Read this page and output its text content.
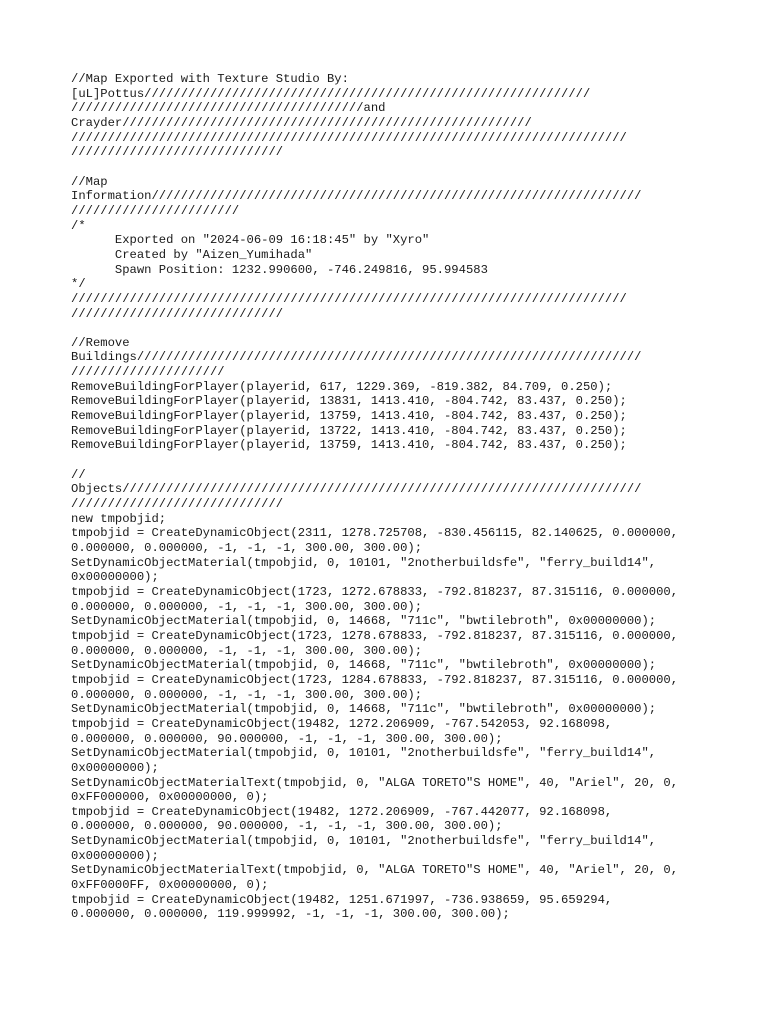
//Map Exported with Texture Studio By:
[uL]Pottus/////////////////////////////////////////////////////////////
////////////////////////////////////////and
Crayder////////////////////////////////////////////////////////
////////////////////////////////////////////////////////////////////////////
/////////////////////////////
//Map
Information///////////////////////////////////////////////////////////////////
///////////////////////
/*
Exported on "2024-06-09 16:18:45" by "Xyro"
Created by "Aizen_Yumihada"
Spawn Position: 1232.990600, -746.249816, 95.994583
*/
////////////////////////////////////////////////////////////////////////////
/////////////////////////////
//Remove
Buildings/////////////////////////////////////////////////////////////////////
/////////////////////
RemoveBuildingForPlayer(playerid, 617, 1229.369, -819.382, 84.709, 0.250);
RemoveBuildingForPlayer(playerid, 13831, 1413.410, -804.742, 83.437, 0.250);
RemoveBuildingForPlayer(playerid, 13759, 1413.410, -804.742, 83.437, 0.250);
RemoveBuildingForPlayer(playerid, 13722, 1413.410, -804.742, 83.437, 0.250);
RemoveBuildingForPlayer(playerid, 13759, 1413.410, -804.742, 83.437, 0.250);
//
Objects///////////////////////////////////////////////////////////////////////
/////////////////////////////
new tmpobjid;
tmpobjid = CreateDynamicObject(2311, 1278.725708, -830.456115, 82.140625, 0.000000,
0.000000, 0.000000, -1, -1, -1, 300.00, 300.00);
SetDynamicObjectMaterial(tmpobjid, 0, 10101, "2notherbuildsfe", "ferry_build14",
0x00000000);
tmpobjid = CreateDynamicObject(1723, 1272.678833, -792.818237, 87.315116, 0.000000,
0.000000, 0.000000, -1, -1, -1, 300.00, 300.00);
SetDynamicObjectMaterial(tmpobjid, 0, 14668, "711c", "bwtilebroth", 0x00000000);
tmpobjid = CreateDynamicObject(1723, 1278.678833, -792.818237, 87.315116, 0.000000,
0.000000, 0.000000, -1, -1, -1, 300.00, 300.00);
SetDynamicObjectMaterial(tmpobjid, 0, 14668, "711c", "bwtilebroth", 0x00000000);
tmpobjid = CreateDynamicObject(1723, 1284.678833, -792.818237, 87.315116, 0.000000,
0.000000, 0.000000, -1, -1, -1, 300.00, 300.00);
SetDynamicObjectMaterial(tmpobjid, 0, 14668, "711c", "bwtilebroth", 0x00000000);
tmpobjid = CreateDynamicObject(19482, 1272.206909, -767.542053, 92.168098,
0.000000, 0.000000, 90.000000, -1, -1, -1, 300.00, 300.00);
SetDynamicObjectMaterial(tmpobjid, 0, 10101, "2notherbuildsfe", "ferry_build14",
0x00000000);
SetDynamicObjectMaterialText(tmpobjid, 0, "ALGA TORETO"S HOME", 40, "Ariel", 20, 0,
0xFF000000, 0x00000000, 0);
tmpobjid = CreateDynamicObject(19482, 1272.206909, -767.442077, 92.168098,
0.000000, 0.000000, 90.000000, -1, -1, -1, 300.00, 300.00);
SetDynamicObjectMaterial(tmpobjid, 0, 10101, "2notherbuildsfe", "ferry_build14",
0x00000000);
SetDynamicObjectMaterialText(tmpobjid, 0, "ALGA TORETO"S HOME", 40, "Ariel", 20, 0,
0xFF0000FF, 0x00000000, 0);
tmpobjid = CreateDynamicObject(19482, 1251.671997, -736.938659, 95.659294,
0.000000, 0.000000, 119.999992, -1, -1, -1, 300.00, 300.00);
